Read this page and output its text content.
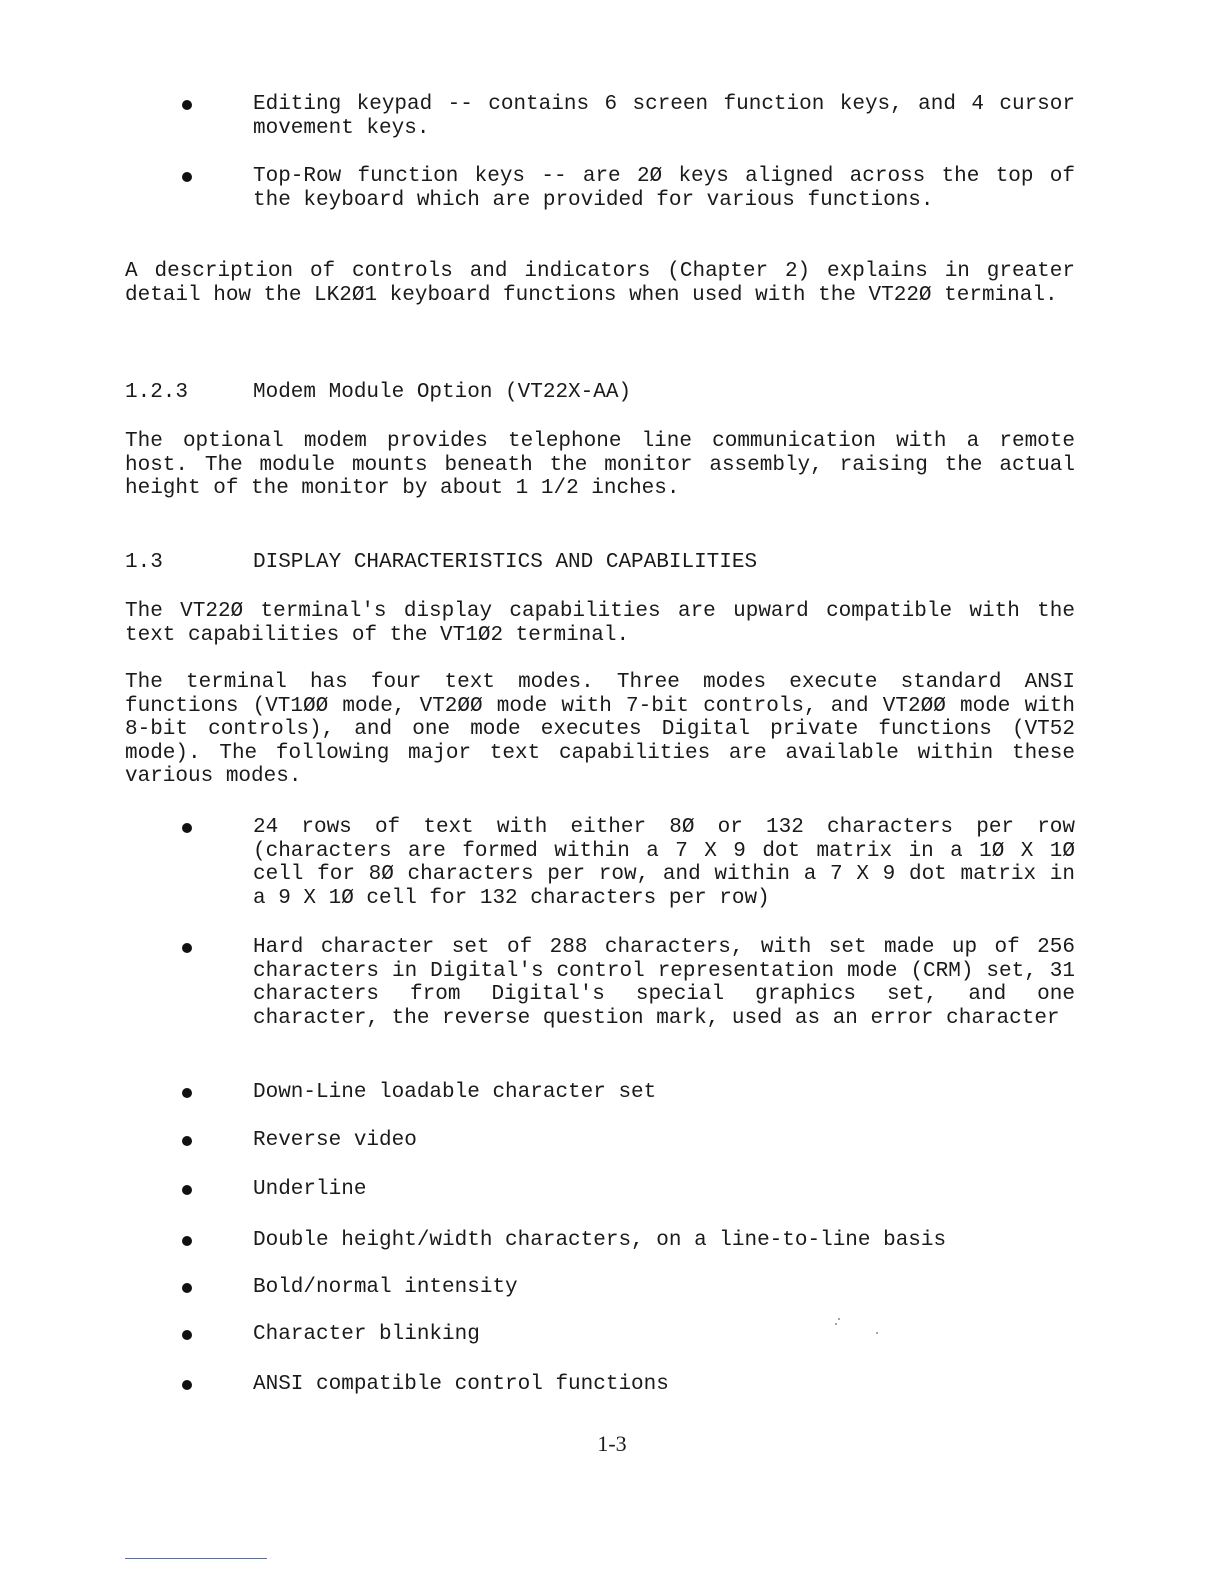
Editing keypad -- contains 6 screen function keys, and 4 cursor movement keys.
Top-Row function keys -- are 2Ø keys aligned across the top of the keyboard which are provided for various functions.
A description of controls and indicators (Chapter 2) explains in greater detail how the LK2Ø1 keyboard functions when used with the VT22Ø terminal.
1.2.3	Modem Module Option (VT22X-AA)
The optional modem provides telephone line communication with a remote host. The module mounts beneath the monitor assembly, raising the actual height of the monitor by about 1 1/2 inches.
1.3	DISPLAY CHARACTERISTICS AND CAPABILITIES
The VT22Ø terminal's display capabilities are upward compatible with the text capabilities of the VT1Ø2 terminal.
The terminal has four text modes. Three modes execute standard ANSI functions (VT1ØØ mode, VT2ØØ mode with 7-bit controls, and VT2ØØ mode with 8-bit controls), and one mode executes Digital private functions (VT52 mode). The following major text capabilities are available within these various modes.
24 rows of text with either 8Ø or 132 characters per row (characters are formed within a 7 X 9 dot matrix in a 1Ø X 1Ø cell for 8Ø characters per row, and within a 7 X 9 dot matrix in a 9 X 1Ø cell for 132 characters per row)
Hard character set of 288 characters, with set made up of 256 characters in Digital's control representation mode (CRM) set, 31 characters from Digital's special graphics set, and one character, the reverse question mark, used as an error character
Down-Line loadable character set
Reverse video
Underline
Double height/width characters, on a line-to-line basis
Bold/normal intensity
Character blinking
ANSI compatible control functions
1-3
